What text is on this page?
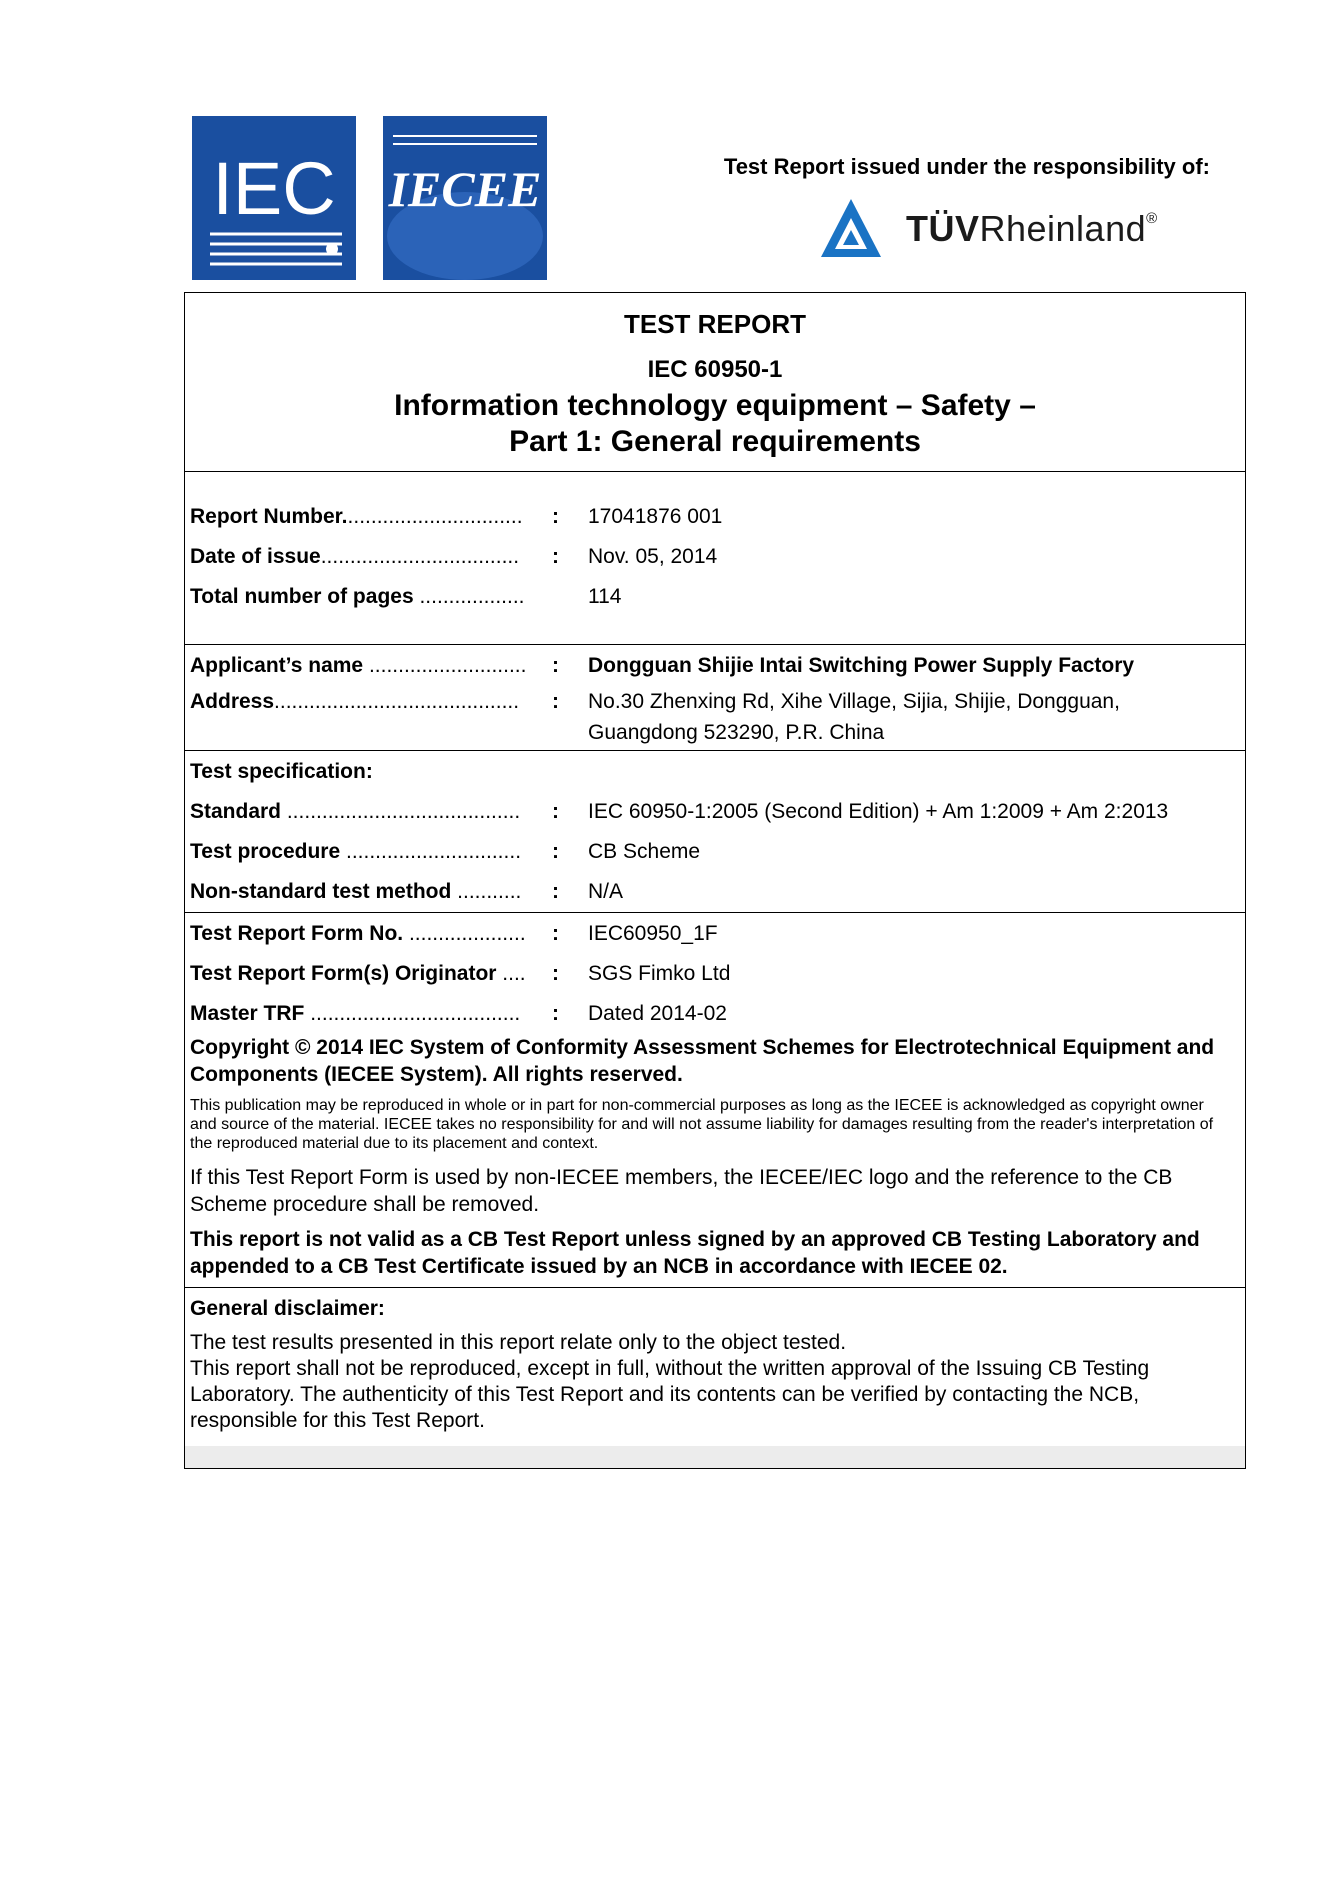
IEC IECEE	Test Report issued under the responsibility of:
TÜVRheinland®
TEST REPORT
IEC 60950-1
Information technology equipment – Safety –
Part 1: General requirements
Report Number...............................	: 17041876 001
Date of issue..................................	: Nov. 05, 2014
Total number of pages ..................	114
Applicant’s name ...........................	: Dongguan Shijie Intai Switching Power Supply Factory
Address..........................................	: No.30 Zhenxing Rd, Xihe Village, Sijia, Shijie, Dongguan,
Guangdong 523290, P.R. China
Test specification:
Standard ........................................	: IEC 60950-1:2005 (Second Edition) + Am 1:2009 + Am 2:2013
Test procedure ..............................	: CB Scheme
Non-standard test method ...........	: N/A
Test Report Form No. ....................	: IEC60950_1F
Test Report Form(s) Originator ....	: SGS Fimko Ltd
Master TRF ....................................	: Dated 2014-02
Copyright © 2014 IEC System of Conformity Assessment Schemes for Electrotechnical Equipment and Components (IECEE System). All rights reserved.
This publication may be reproduced in whole or in part for non-commercial purposes as long as the IECEE is acknowledged as copyright owner and source of the material. IECEE takes no responsibility for and will not assume liability for damages resulting from the reader's interpretation of the reproduced material due to its placement and context.
If this Test Report Form is used by non-IECEE members, the IECEE/IEC logo and the reference to the CB Scheme procedure shall be removed.
This report is not valid as a CB Test Report unless signed by an approved CB Testing Laboratory and appended to a CB Test Certificate issued by an NCB in accordance with IECEE 02.
General disclaimer:
The test results presented in this report relate only to the object tested.
This report shall not be reproduced, except in full, without the written approval of the Issuing CB Testing Laboratory. The authenticity of this Test Report and its contents can be verified by contacting the NCB, responsible for this Test Report.
